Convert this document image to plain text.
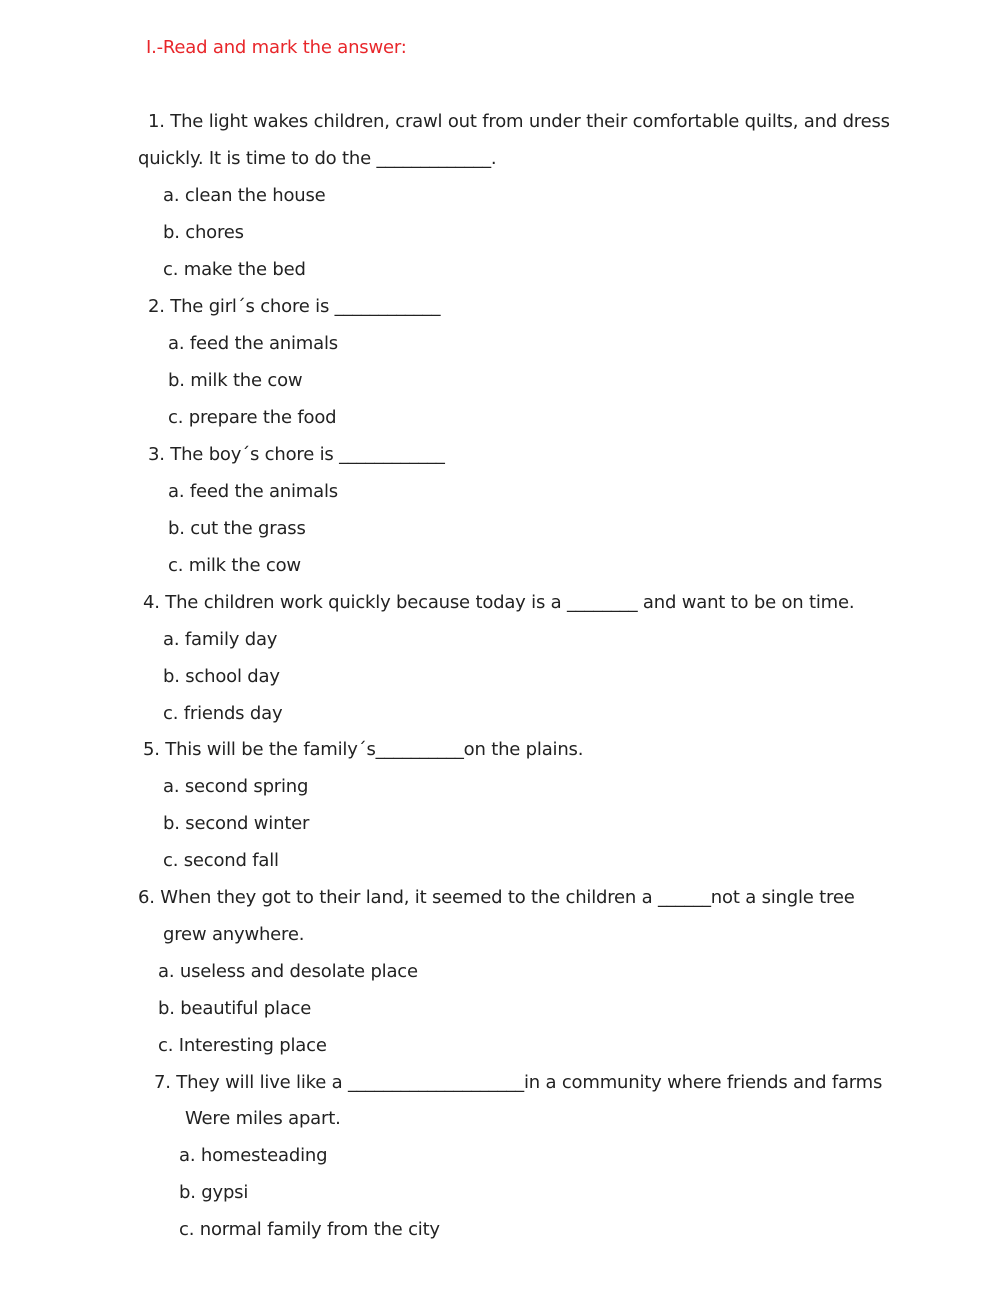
I.-Read and mark the answer:
1. The light wakes children, crawl out from under their comfortable quilts, and dress
quickly. It is time to do the _____________.
a. clean the house
b. chores
c. make the bed
2. The girl´s chore is ____________
a. feed the animals
b. milk the cow
c. prepare the food
3. The boy´s chore is ____________
a. feed the animals
b. cut the grass
c. milk the cow
4. The children work quickly because today is a ________ and want to be on time.
a. family day
b. school day
c. friends day
5. This will be the family´s__________on the plains.
a. second spring
b. second winter
c. second fall
6. When they got to their land, it seemed to the children a ______not a single tree
grew anywhere.
a. useless and desolate place
b. beautiful place
c. Interesting place
7. They will live like a ____________________in a community where friends and farms
Were miles apart.
a. homesteading
b. gypsi
c. normal family from the city
